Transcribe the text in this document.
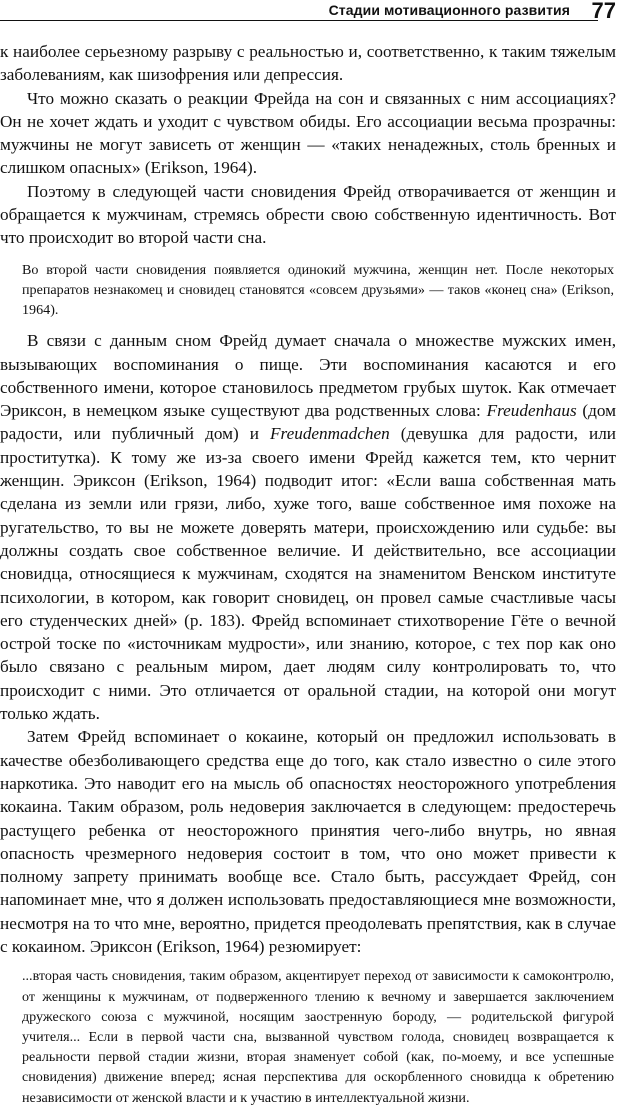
Стадии мотивационного развития 77

к наиболее серьезному разрыву с реальностью и, соответственно, к таким тяжелым заболеваниям, как шизофрения или депрессия.

Что можно сказать о реакции Фрейда на сон и связанных с ним ассоциациях? Он не хочет ждать и уходит с чувством обиды. Его ассоциации весьма прозрачны: мужчины не могут зависеть от женщин — «таких ненадежных, столь бренных и слишком опасных» (Erikson, 1964).

Поэтому в следующей части сновидения Фрейд отворачивается от женщин и обращается к мужчинам, стремясь обрести свою собственную идентичность. Вот что происходит во второй части сна.

Во второй части сновидения появляется одинокий мужчина, женщин нет. После некоторых препаратов незнакомец и сновидец становятся «совсем друзьями» — таков «конец сна» (Erikson, 1964).

В связи с данным сном Фрейд думает сначала о множестве мужских имен, вызывающих воспоминания о пище. Эти воспоминания касаются и его собственного имени, которое становилось предметом грубых шуток. Как отмечает Эриксон, в немецком языке существуют два родственных слова: Freudenhaus (дом радости, или публичный дом) и Freudenmadchen (девушка для радости, или проститутка). К тому же из-за своего имени Фрейд кажется тем, кто чернит женщин. Эриксон (Erikson, 1964) подводит итог: «Если ваша собственная мать сделана из земли или грязи, либо, хуже того, ваше собственное имя похоже на ругательство, то вы не можете доверять матери, происхождению или судьбе: вы должны создать свое собственное величие. И действительно, все ассоциации сновидца, относящиеся к мужчинам, сходятся на знаменитом Венском институте психологии, в котором, как говорит сновидец, он провел самые счастливые часы его студенческих дней» (р. 183). Фрейд вспоминает стихотворение Гёте о вечной острой тоске по «источникам мудрости», или знанию, которое, с тех пор как оно было связано с реальным миром, дает людям силу контролировать то, что происходит с ними. Это отличается от оральной стадии, на которой они могут только ждать.

Затем Фрейд вспоминает о кокаине, который он предложил использовать в качестве обезболивающего средства еще до того, как стало известно о силе этого наркотика. Это наводит его на мысль об опасностях неосторожного употребления кокаина. Таким образом, роль недоверия заключается в следующем: предостеречь растущего ребенка от неосторожного принятия чего-либо внутрь, но явная опасность чрезмерного недоверия состоит в том, что оно может привести к полному запрету принимать вообще все. Стало быть, рассуждает Фрейд, сон напоминает мне, что я должен использовать предоставляющиеся мне возможности, несмотря на то что мне, вероятно, придется преодолевать препятствия, как в случае с кокаином. Эриксон (Erikson, 1964) резюмирует:

...вторая часть сновидения, таким образом, акцентирует переход от зависимости к самоконтролю, от женщины к мужчинам, от подверженного тлению к вечному и завершается заключением дружеского союза с мужчиной, носящим заостренную бороду, — родительской фигурой учителя... Если в первой части сна, вызванной чувством голода, сновидец возвращается к реальности первой стадии жизни, вторая знаменует собой (как, по-моему, и все успешные сновидения) движение вперед; ясная перспектива для оскорбленного сновидца к обретению независимости от женской власти и к участию в интеллектуальной жизни.
